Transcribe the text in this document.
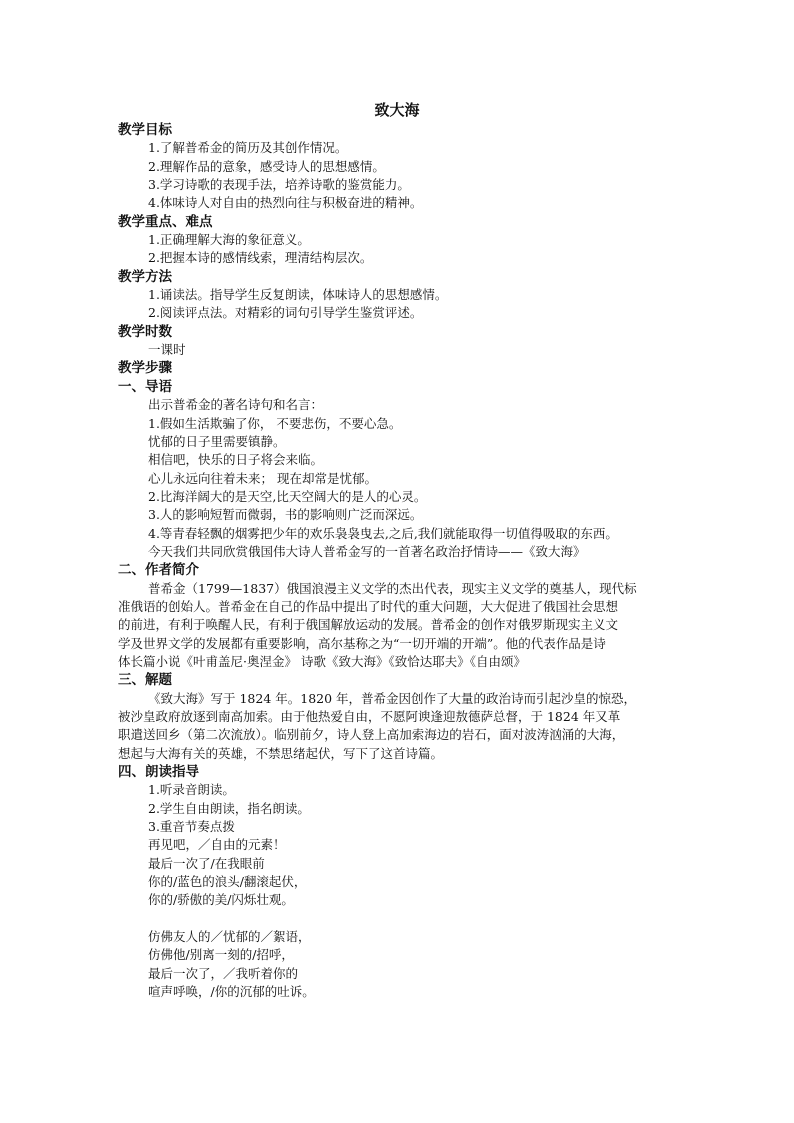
致大海
教学目标
1.了解普希金的简历及其创作情况。
2.理解作品的意象，感受诗人的思想感情。
3.学习诗歌的表现手法，培养诗歌的鉴赏能力。
4.体味诗人对自由的热烈向往与积极奋进的精神。
教学重点、难点
1.正确理解大海的象征意义。
2.把握本诗的感情线索，理清结构层次。
教学方法
1.诵读法。指导学生反复朗读，体味诗人的思想感情。
2.阅读评点法。对精彩的词句引导学生鉴赏评述。
教学时数
一课时
教学步骤
一、导语
出示普希金的著名诗句和名言：
1.假如生活欺骗了你， 不要悲伤，不要心急。
忧郁的日子里需要镇静。
相信吧，快乐的日子将会来临。
心儿永远向往着未来； 现在却常是忧郁。
2.比海洋阔大的是天空,比天空阔大的是人的心灵。
3.人的影响短暂而微弱，书的影响则广泛而深远。
4.等青春轻飘的烟雾把少年的欢乐袅袅曳去,之后,我们就能取得一切值得吸取的东西。
今天我们共同欣赏俄国伟大诗人普希金写的一首著名政治抒情诗——《致大海》
二、作者简介
普希金（1799—1837）俄国浪漫主义文学的杰出代表，现实主义文学的奠基人，现代标
准俄语的创始人。普希金在自己的作品中提出了时代的重大问题，大大促进了俄国社会思想
的前进，有利于唤醒人民，有利于俄国解放运动的发展。普希金的创作对俄罗斯现实主义文
学及世界文学的发展都有重要影响，高尔基称之为“一切开端的开端”。他的代表作品是诗
体长篇小说《叶甫盖尼·奥涅金》 诗歌《致大海》《致恰达耶夫》《自由颂》
三、解题
《致大海》写于 1824 年。1820 年，普希金因创作了大量的政治诗而引起沙皇的惊恐，
被沙皇政府放逐到南高加索。由于他热爱自由，不愿阿谀逢迎敖德萨总督，于 1824 年又革
职遣送回乡（第二次流放）。临别前夕，诗人登上高加索海边的岩石，面对波涛汹涌的大海，
想起与大海有关的英雄，不禁思绪起伏，写下了这首诗篇。
四、朗读指导
1.听录音朗读。
2.学生自由朗读，指名朗读。
3.重音节奏点拨
再见吧，／自由的元素！
最后一次了/在我眼前
你的/蓝色的浪头/翻滚起伏，
你的/骄傲的美/闪烁壮观。
仿佛友人的／忧郁的／絮语，
仿佛他/别离一刻的/招呼，
最后一次了，／我听着你的
喧声呼唤，/你的沉郁的吐诉。
